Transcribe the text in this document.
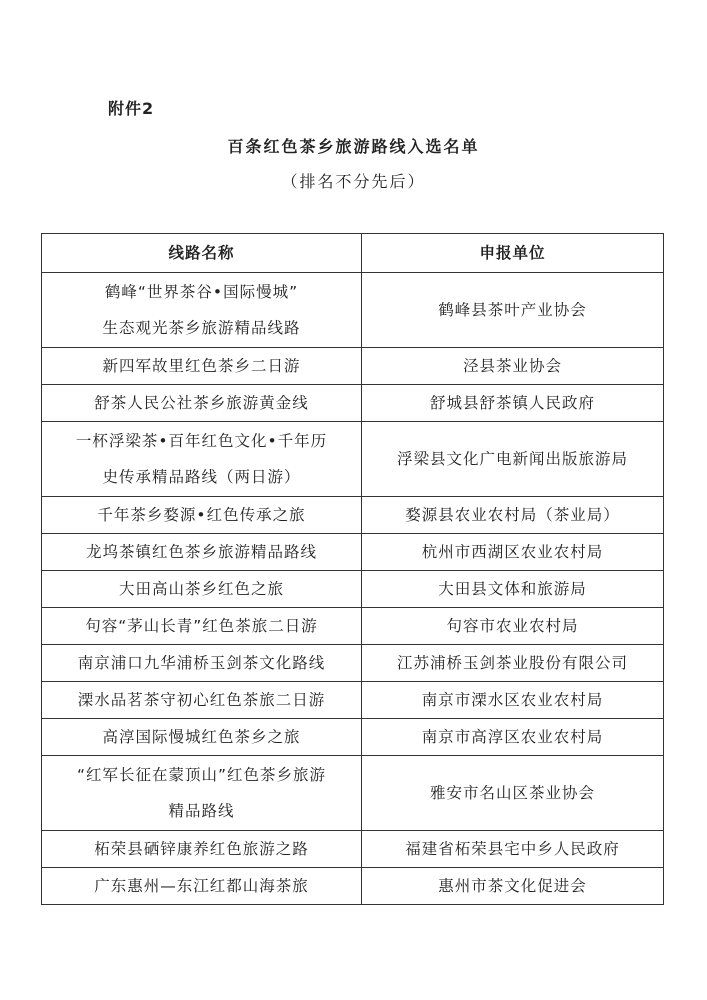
附件2
百条红色茶乡旅游路线入选名单
（排名不分先后）
线路名称	申报单位
鹤峰“世界茶谷•国际慢城”
生态观光茶乡旅游精品线路	鹤峰县茶叶产业协会
新四军故里红色茶乡二日游	泾县茶业协会
舒茶人民公社茶乡旅游黄金线	舒城县舒茶镇人民政府
一杯浮梁茶•百年红色文化•千年历
史传承精品路线（两日游）	浮梁县文化广电新闻出版旅游局
千年茶乡婺源•红色传承之旅	婺源县农业农村局（茶业局）
龙坞茶镇红色茶乡旅游精品路线	杭州市西湖区农业农村局
大田高山茶乡红色之旅	大田县文体和旅游局
句容“茅山长青”红色茶旅二日游	句容市农业农村局
南京浦口九华浦桥玉剑茶文化路线	江苏浦桥玉剑茶业股份有限公司
溧水品茗茶守初心红色茶旅二日游	南京市溧水区农业农村局
高淳国际慢城红色茶乡之旅	南京市高淳区农业农村局
“红军长征在蒙顶山”红色茶乡旅游
精品路线	雅安市名山区茶业协会
柘荣县硒锌康养红色旅游之路	福建省柘荣县宅中乡人民政府
广东惠州—东江红都山海茶旅	惠州市茶文化促进会
